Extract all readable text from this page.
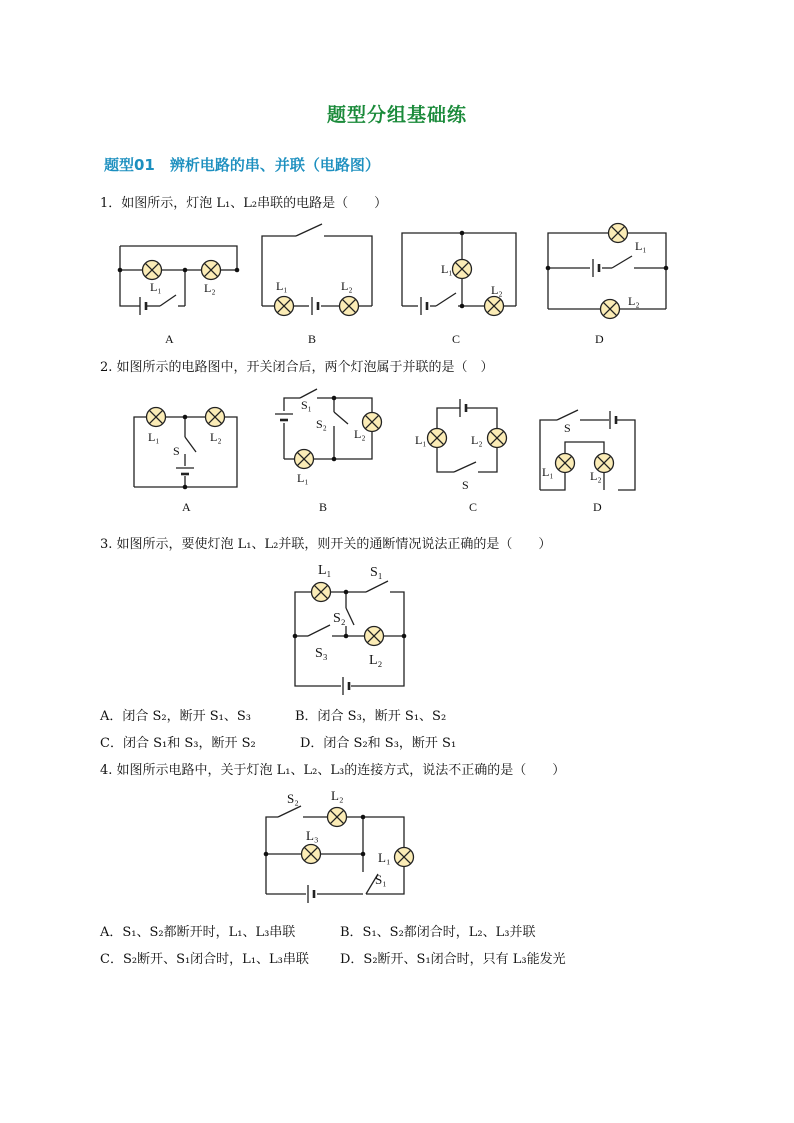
题型分组基础练
题型01　辨析电路的串、并联（电路图）
1．如图所示，灯泡 L₁、L₂串联的电路是（　　）
2. 如图所示的电路图中，开关闭合后，两个灯泡属于并联的是（　）
3. 如图所示，要使灯泡 L₁、L₂并联，则开关的通断情况说法正确的是（　　）
A．闭合 S₂，断开 S₁、S₃	B．闭合 S₃，断开 S₁、S₂
C．闭合 S₁和 S₃，断开 S₂	D．闭合 S₂和 S₃，断开 S₁
4. 如图所示电路中，关于灯泡 L₁、L₂、L₃的连接方式，说法不正确的是（　　）
A．S₁、S₂都断开时，L₁、L₃串联	B．S₁、S₂都闭合时，L₂、L₃并联
C．S₂断开、S₁闭合时，L₁、L₃串联 D．S₂断开、S₁闭合时，只有 L₃能发光
L₁	L₂	L₁	L₂
L₁
L₂
L₁
L₂
L₁	L₂
S
S₁
S₂
L₂
L₁
L₁	L₂
S
S
L₁	L₂
L₁	S₁
S₂
S₃	L₂
S₂ L₂
L₃
L₁
S₁
A	B	C	D
A	B	C	D
